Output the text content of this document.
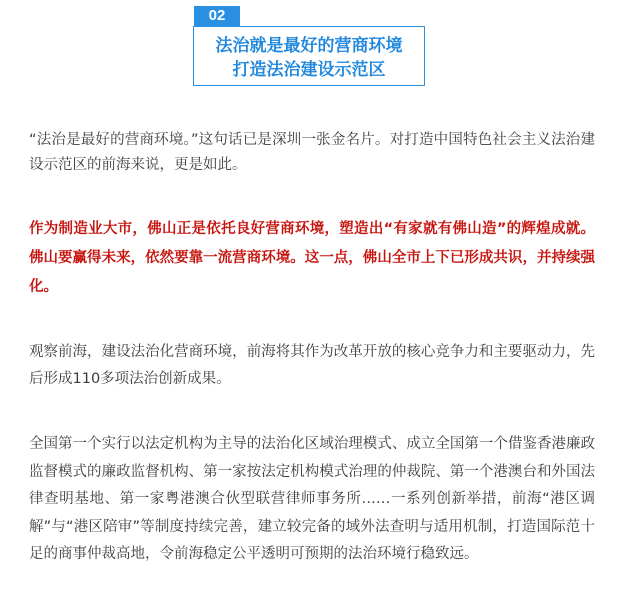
02
法治就是最好的营商环境
打造法治建设示范区

“法治是最好的营商环境。”这句话已是深圳一张金名片。对打造中国特色社会主义法治建设示范区的前海来说，更是如此。

作为制造业大市，佛山正是依托良好营商环境，塑造出“有家就有佛山造”的辉煌成就。佛山要赢得未来，依然要靠一流营商环境。这一点，佛山全市上下已形成共识，并持续强化。

观察前海，建设法治化营商环境，前海将其作为改革开放的核心竞争力和主要驱动力，先后形成110多项法治创新成果。

全国第一个实行以法定机构为主导的法治化区域治理模式、成立全国第一个借鉴香港廉政监督模式的廉政监督机构、第一家按法定机构模式治理的仲裁院、第一个港澳台和外国法律查明基地、第一家粤港澳合伙型联营律师事务所……一系列创新举措，前海“港区调解”与“港区陪审”等制度持续完善，建立较完备的域外法查明与适用机制，打造国际范十足的商事仲裁高地，令前海稳定公平透明可预期的法治环境行稳致远。
